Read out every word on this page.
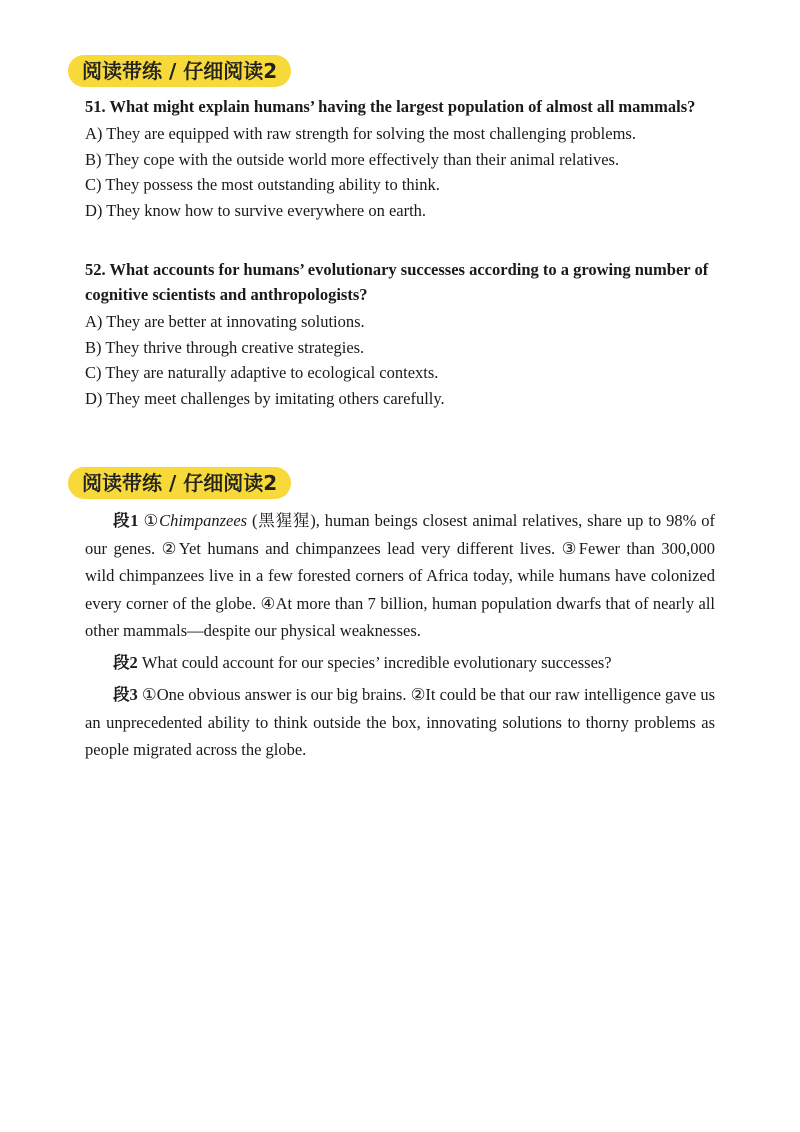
阅读带练 / 仔细阅读2
51. What might explain humans’ having the largest population of almost all mammals?
A) They are equipped with raw strength for solving the most challenging problems.
B) They cope with the outside world more effectively than their animal relatives.
C) They possess the most outstanding ability to think.
D) They know how to survive everywhere on earth.
52. What accounts for humans’ evolutionary successes according to a growing number of cognitive scientists and anthropologists?
A) They are better at innovating solutions.
B) They thrive through creative strategies.
C) They are naturally adaptive to ecological contexts.
D) They meet challenges by imitating others carefully.
阅读带练 / 仔细阅读2
段1 ①Chimpanzees (黑猩猩), human beings closest animal relatives, share up to 98% of our genes. ②Yet humans and chimpanzees lead very different lives. ③Fewer than 300,000 wild chimpanzees live in a few forested corners of Africa today, while humans have colonized every corner of the globe. ④At more than 7 billion, human population dwarfs that of nearly all other mammals—despite our physical weaknesses.
段2 What could account for our species’ incredible evolutionary successes?
段3 ①One obvious answer is our big brains. ②It could be that our raw intelligence gave us an unprecedented ability to think outside the box, innovating solutions to thorny problems as people migrated across the globe.
